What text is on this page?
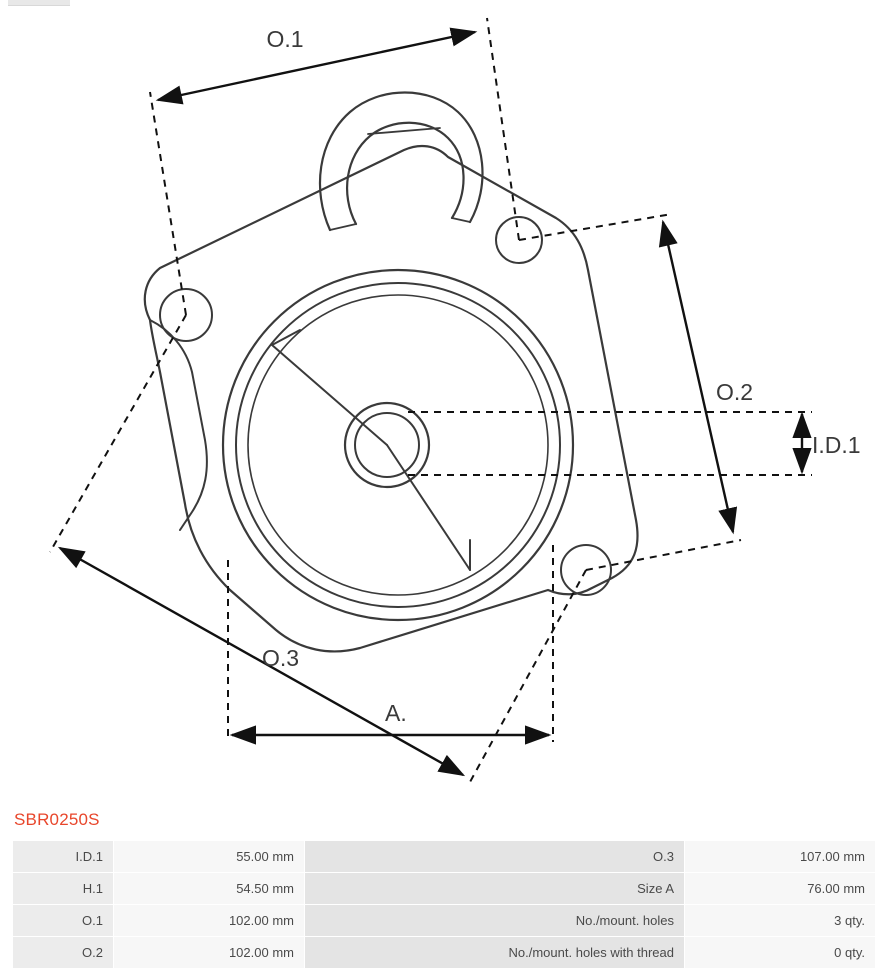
O.1
O.2
O.3
I.D.1
A.
SBR0250S
I.D.1	55.00 mm	O.3	107.00 mm
H.1	54.50 mm	Size A	76.00 mm
O.1	102.00 mm	No./mount. holes	3 qty.
O.2	102.00 mm	No./mount. holes with thread	0 qty.
